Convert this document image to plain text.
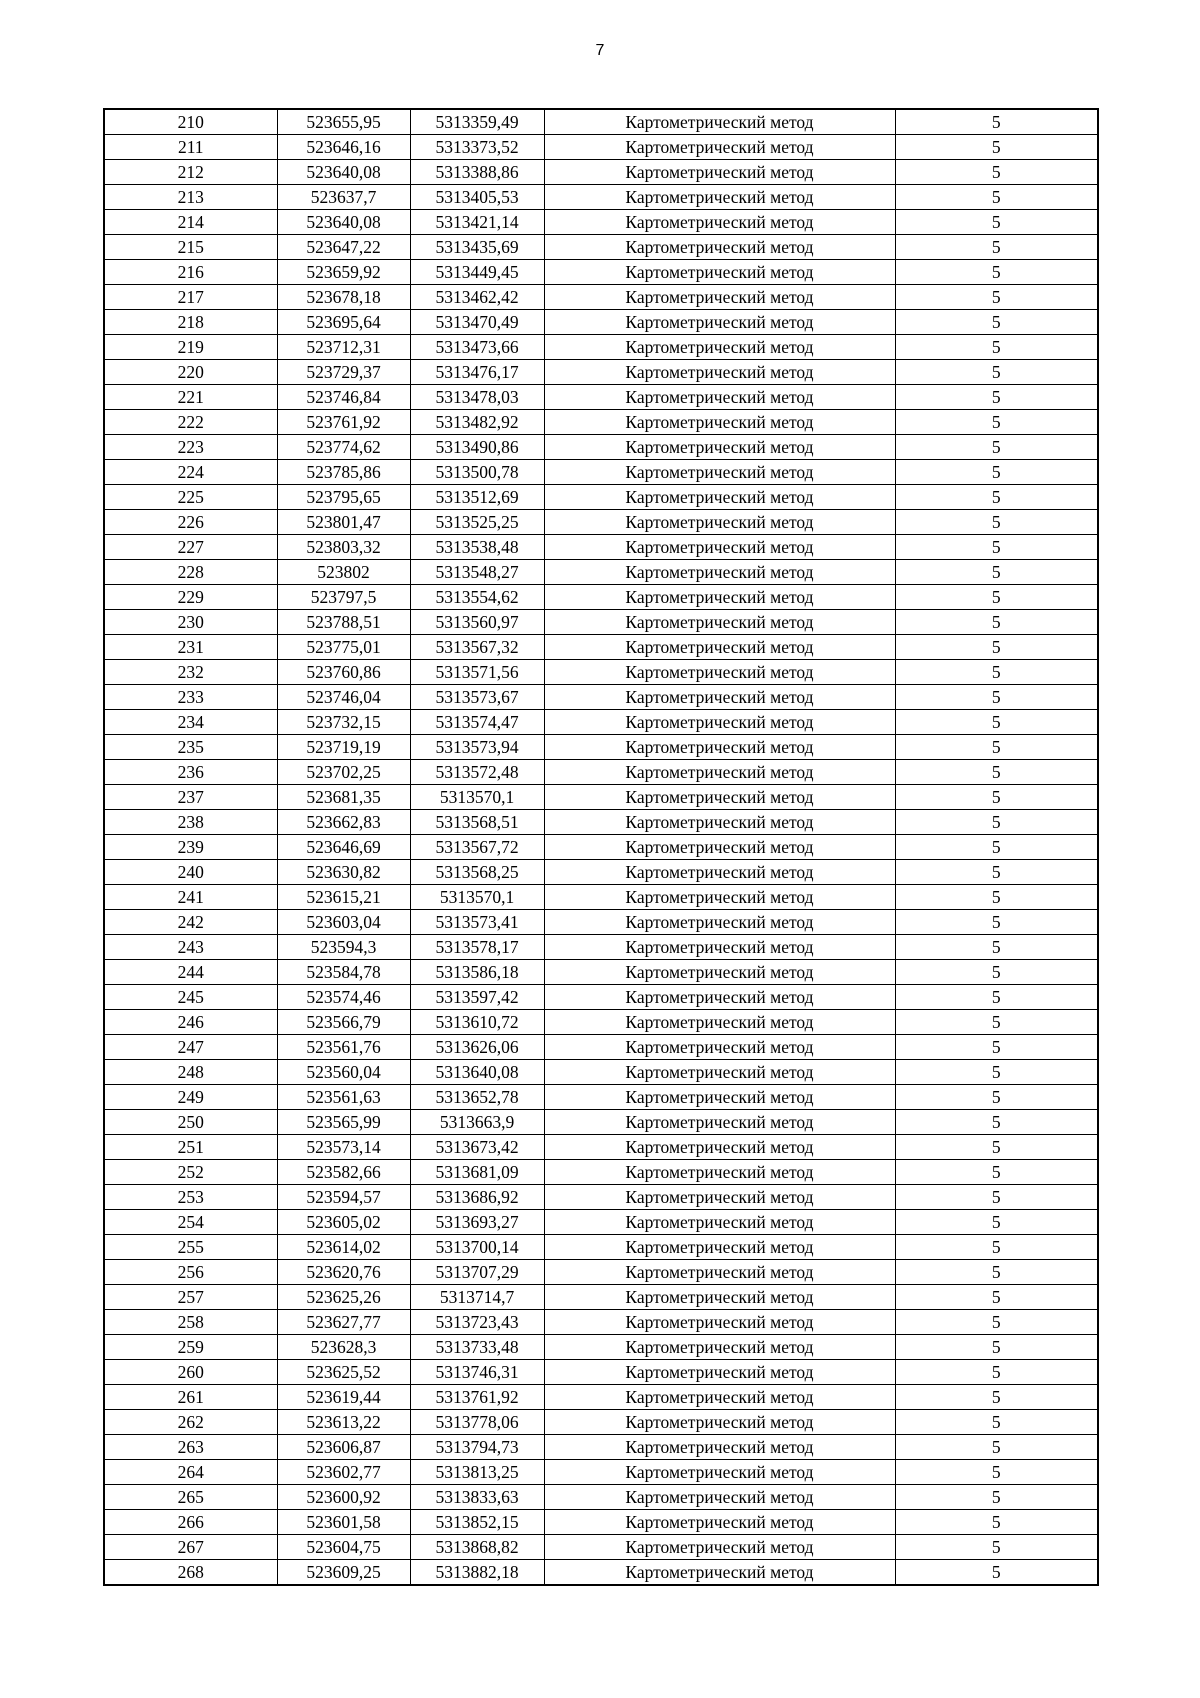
7
210	523655,95	5313359,49	Картометрический метод	5
211	523646,16	5313373,52	Картометрический метод	5
212	523640,08	5313388,86	Картометрический метод	5
213	523637,7	5313405,53	Картометрический метод	5
214	523640,08	5313421,14	Картометрический метод	5
215	523647,22	5313435,69	Картометрический метод	5
216	523659,92	5313449,45	Картометрический метод	5
217	523678,18	5313462,42	Картометрический метод	5
218	523695,64	5313470,49	Картометрический метод	5
219	523712,31	5313473,66	Картометрический метод	5
220	523729,37	5313476,17	Картометрический метод	5
221	523746,84	5313478,03	Картометрический метод	5
222	523761,92	5313482,92	Картометрический метод	5
223	523774,62	5313490,86	Картометрический метод	5
224	523785,86	5313500,78	Картометрический метод	5
225	523795,65	5313512,69	Картометрический метод	5
226	523801,47	5313525,25	Картометрический метод	5
227	523803,32	5313538,48	Картометрический метод	5
228	523802	5313548,27	Картометрический метод	5
229	523797,5	5313554,62	Картометрический метод	5
230	523788,51	5313560,97	Картометрический метод	5
231	523775,01	5313567,32	Картометрический метод	5
232	523760,86	5313571,56	Картометрический метод	5
233	523746,04	5313573,67	Картометрический метод	5
234	523732,15	5313574,47	Картометрический метод	5
235	523719,19	5313573,94	Картометрический метод	5
236	523702,25	5313572,48	Картометрический метод	5
237	523681,35	5313570,1	Картометрический метод	5
238	523662,83	5313568,51	Картометрический метод	5
239	523646,69	5313567,72	Картометрический метод	5
240	523630,82	5313568,25	Картометрический метод	5
241	523615,21	5313570,1	Картометрический метод	5
242	523603,04	5313573,41	Картометрический метод	5
243	523594,3	5313578,17	Картометрический метод	5
244	523584,78	5313586,18	Картометрический метод	5
245	523574,46	5313597,42	Картометрический метод	5
246	523566,79	5313610,72	Картометрический метод	5
247	523561,76	5313626,06	Картометрический метод	5
248	523560,04	5313640,08	Картометрический метод	5
249	523561,63	5313652,78	Картометрический метод	5
250	523565,99	5313663,9	Картометрический метод	5
251	523573,14	5313673,42	Картометрический метод	5
252	523582,66	5313681,09	Картометрический метод	5
253	523594,57	5313686,92	Картометрический метод	5
254	523605,02	5313693,27	Картометрический метод	5
255	523614,02	5313700,14	Картометрический метод	5
256	523620,76	5313707,29	Картометрический метод	5
257	523625,26	5313714,7	Картометрический метод	5
258	523627,77	5313723,43	Картометрический метод	5
259	523628,3	5313733,48	Картометрический метод	5
260	523625,52	5313746,31	Картометрический метод	5
261	523619,44	5313761,92	Картометрический метод	5
262	523613,22	5313778,06	Картометрический метод	5
263	523606,87	5313794,73	Картометрический метод	5
264	523602,77	5313813,25	Картометрический метод	5
265	523600,92	5313833,63	Картометрический метод	5
266	523601,58	5313852,15	Картометрический метод	5
267	523604,75	5313868,82	Картометрический метод	5
268	523609,25	5313882,18	Картометрический метод	5
